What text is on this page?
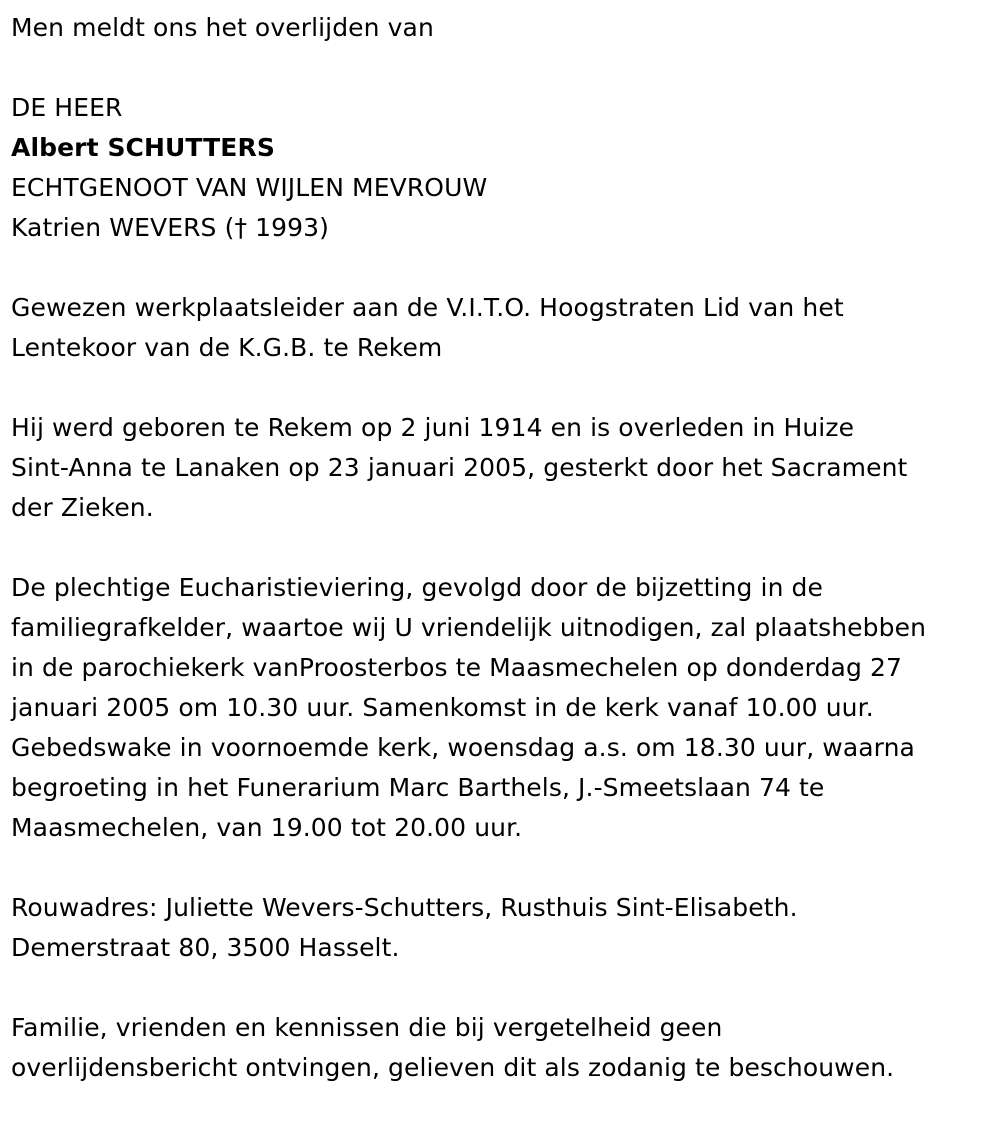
Men meldt ons het overlijden van
DE HEER
Albert SCHUTTERS
ECHTGENOOT VAN WIJLEN MEVROUW
Katrien WEVERS († 1993)
Gewezen werkplaatsleider aan de V.I.T.O. Hoogstraten Lid van het
Lentekoor van de K.G.B. te Rekem
Hij werd geboren te Rekem op 2 juni 1914 en is overleden in Huize
Sint-Anna te Lanaken op 23 januari 2005, gesterkt door het Sacrament
der Zieken.
De plechtige Eucharistieviering, gevolgd door de bijzetting in de
familiegrafkelder, waartoe wij U vriendelijk uitnodigen, zal plaatshebben
in de parochiekerk vanProosterbos te Maasmechelen op donderdag 27
januari 2005 om 10.30 uur. Samenkomst in de kerk vanaf 10.00 uur.
Gebedswake in voornoemde kerk, woensdag a.s. om 18.30 uur, waarna
begroeting in het Funerarium Marc Barthels, J.-Smeetslaan 74 te
Maasmechelen, van 19.00 tot 20.00 uur.
Rouwadres: Juliette Wevers-Schutters, Rusthuis Sint-Elisabeth.
Demerstraat 80, 3500 Hasselt.
Familie, vrienden en kennissen die bij vergetelheid geen
overlijdensbericht ontvingen, gelieven dit als zodanig te beschouwen.
